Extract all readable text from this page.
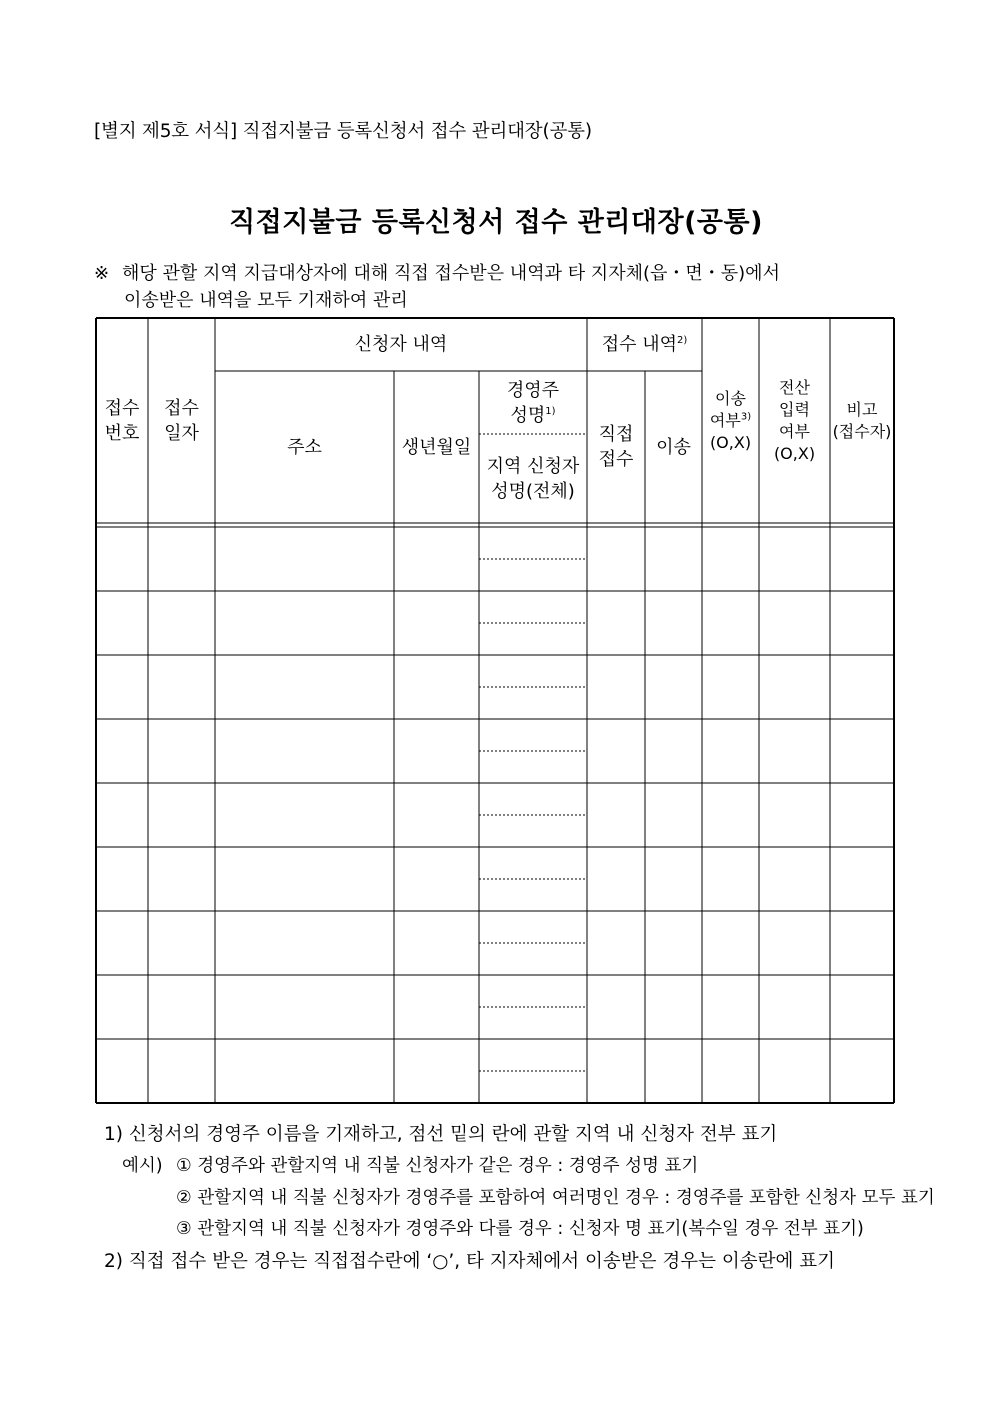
[별지 제5호 서식] 직접지불금 등록신청서 접수 관리대장(공통)
직접지불금 등록신청서 접수 관리대장(공통)
※ 해당 관할 지역 지급대상자에 대해 직접 접수받은 내역과 타 지자체(읍・면・동)에서
이송받은 내역을 모두 기재하여 관리
접수
번호
접수
일자
신청자 내역	접수 내역$^{2)}$
주소	생년월일
경영주
성명$^{1)}$
지역 신청자
성명(전체)
직접
접수
이송
이송
여부$^{3)}$
(O,X)
전산
입력
여부
(O,X)
비고
(접수자)
1) 신청서의 경영주 이름을 기재하고, 점선 밑의 란에 관할 지역 내 신청자 전부 표기
예시) ① 경영주와 관할지역 내 직불 신청자가 같은 경우 : 경영주 성명 표기
② 관할지역 내 직불 신청자가 경영주를 포함하여 여러명인 경우 : 경영주를 포함한 신청자 모두 표기
③ 관할지역 내 직불 신청자가 경영주와 다를 경우 : 신청자 명 표기(복수일 경우 전부 표기)
2) 직접 접수 받은 경우는 직접접수란에 ‘○’, 타 지자체에서 이송받은 경우는 이송란에 표기
